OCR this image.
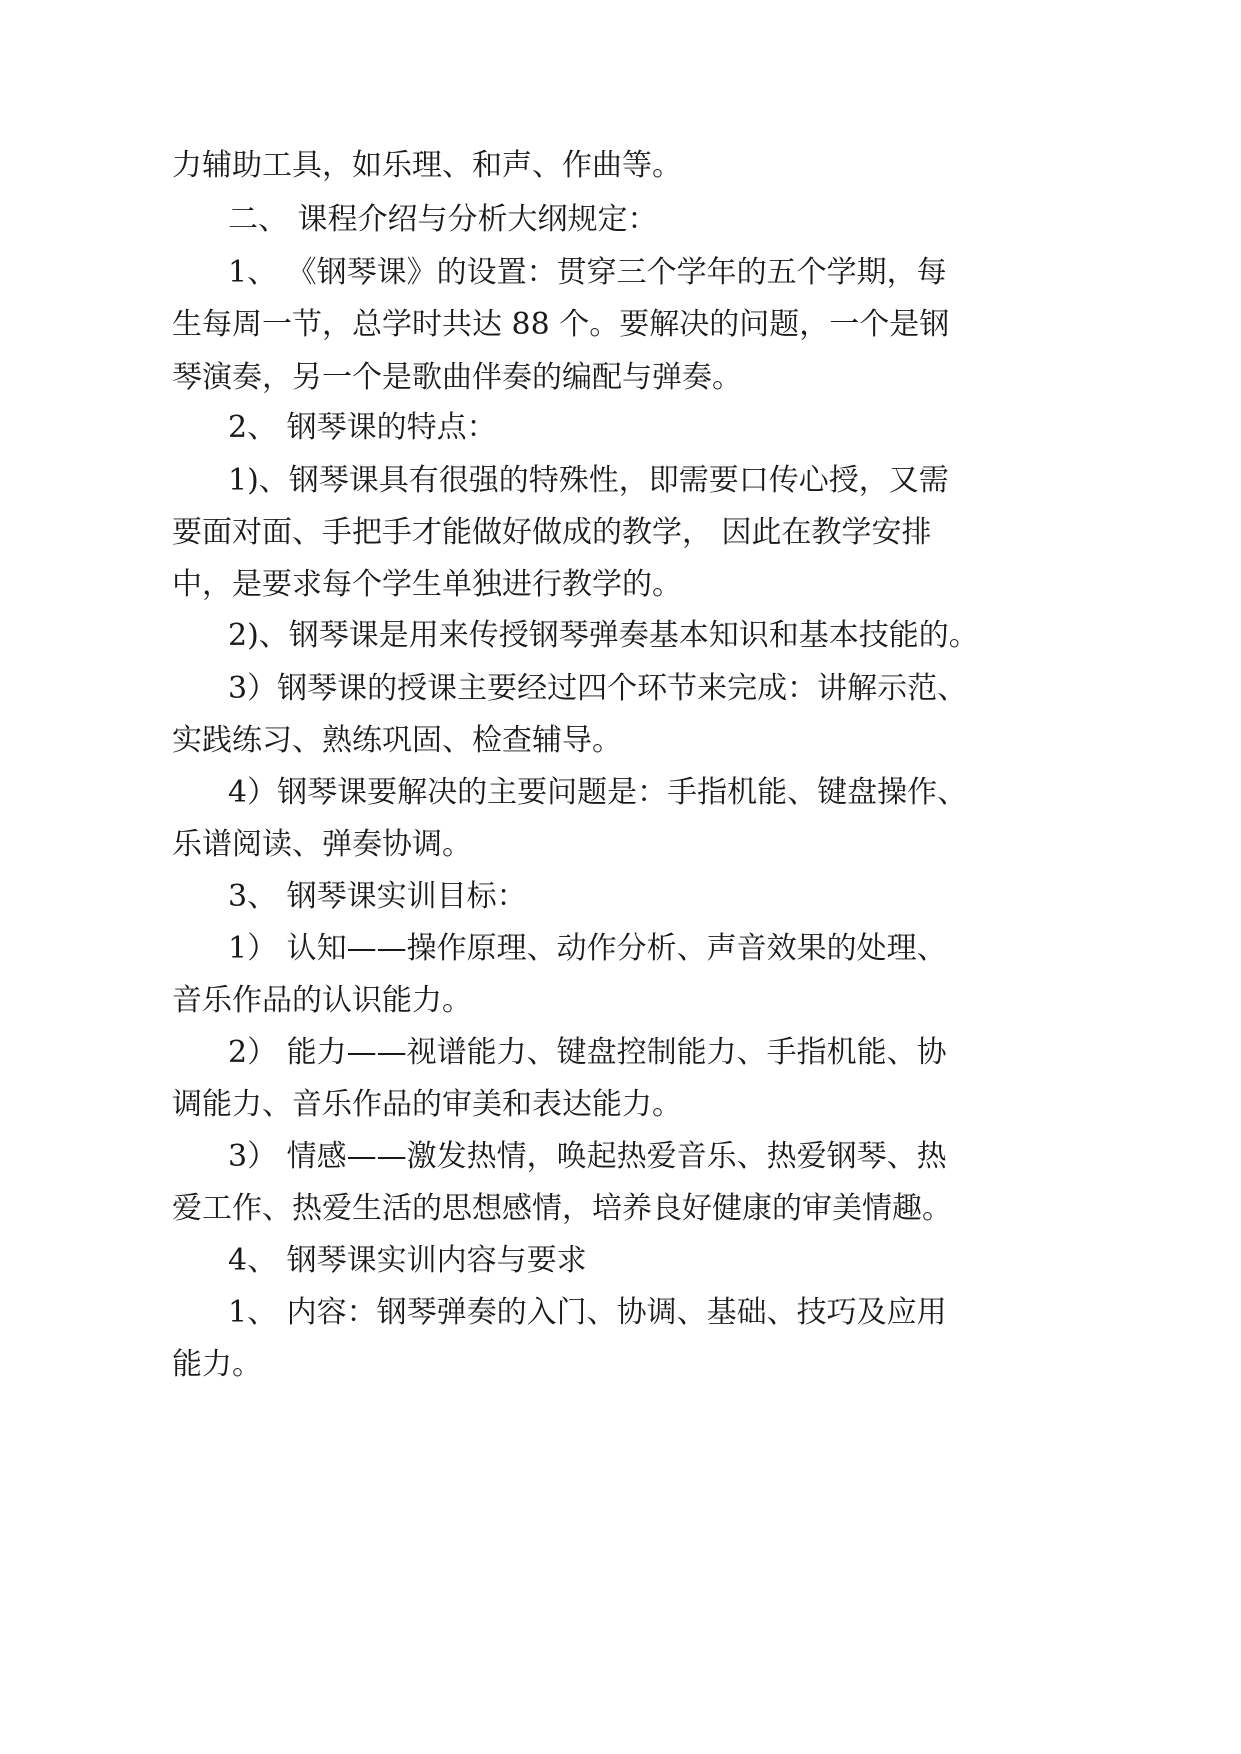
力辅助工具，如乐理、和声、作曲等。

二、 课程介绍与分析大纲规定：

1、 《钢琴课》的设置：贯穿三个学年的五个学期，每

生每周一节，总学时共达 88 个。要解决的问题，一个是钢

琴演奏，另一个是歌曲伴奏的编配与弹奏。

2、 钢琴课的特点：

1)、钢琴课具有很强的特殊性，即需要口传心授，又需

要面对面、手把手才能做好做成的教学， 因此在教学安排

中，是要求每个学生单独进行教学的。

2)、钢琴课是用来传授钢琴弹奏基本知识和基本技能的。

3）钢琴课的授课主要经过四个环节来完成：讲解示范、

实践练习、熟练巩固、检查辅导。

4）钢琴课要解决的主要问题是：手指机能、键盘操作、

乐谱阅读、弹奏协调。

3、 钢琴课实训目标：

1） 认知——操作原理、动作分析、声音效果的处理、

音乐作品的认识能力。

2） 能力——视谱能力、键盘控制能力、手指机能、协

调能力、音乐作品的审美和表达能力。

3） 情感——激发热情，唤起热爱音乐、热爱钢琴、热

爱工作、热爱生活的思想感情，培养良好健康的审美情趣。

4、 钢琴课实训内容与要求

1、 内容：钢琴弹奏的入门、协调、基础、技巧及应用

能力。
